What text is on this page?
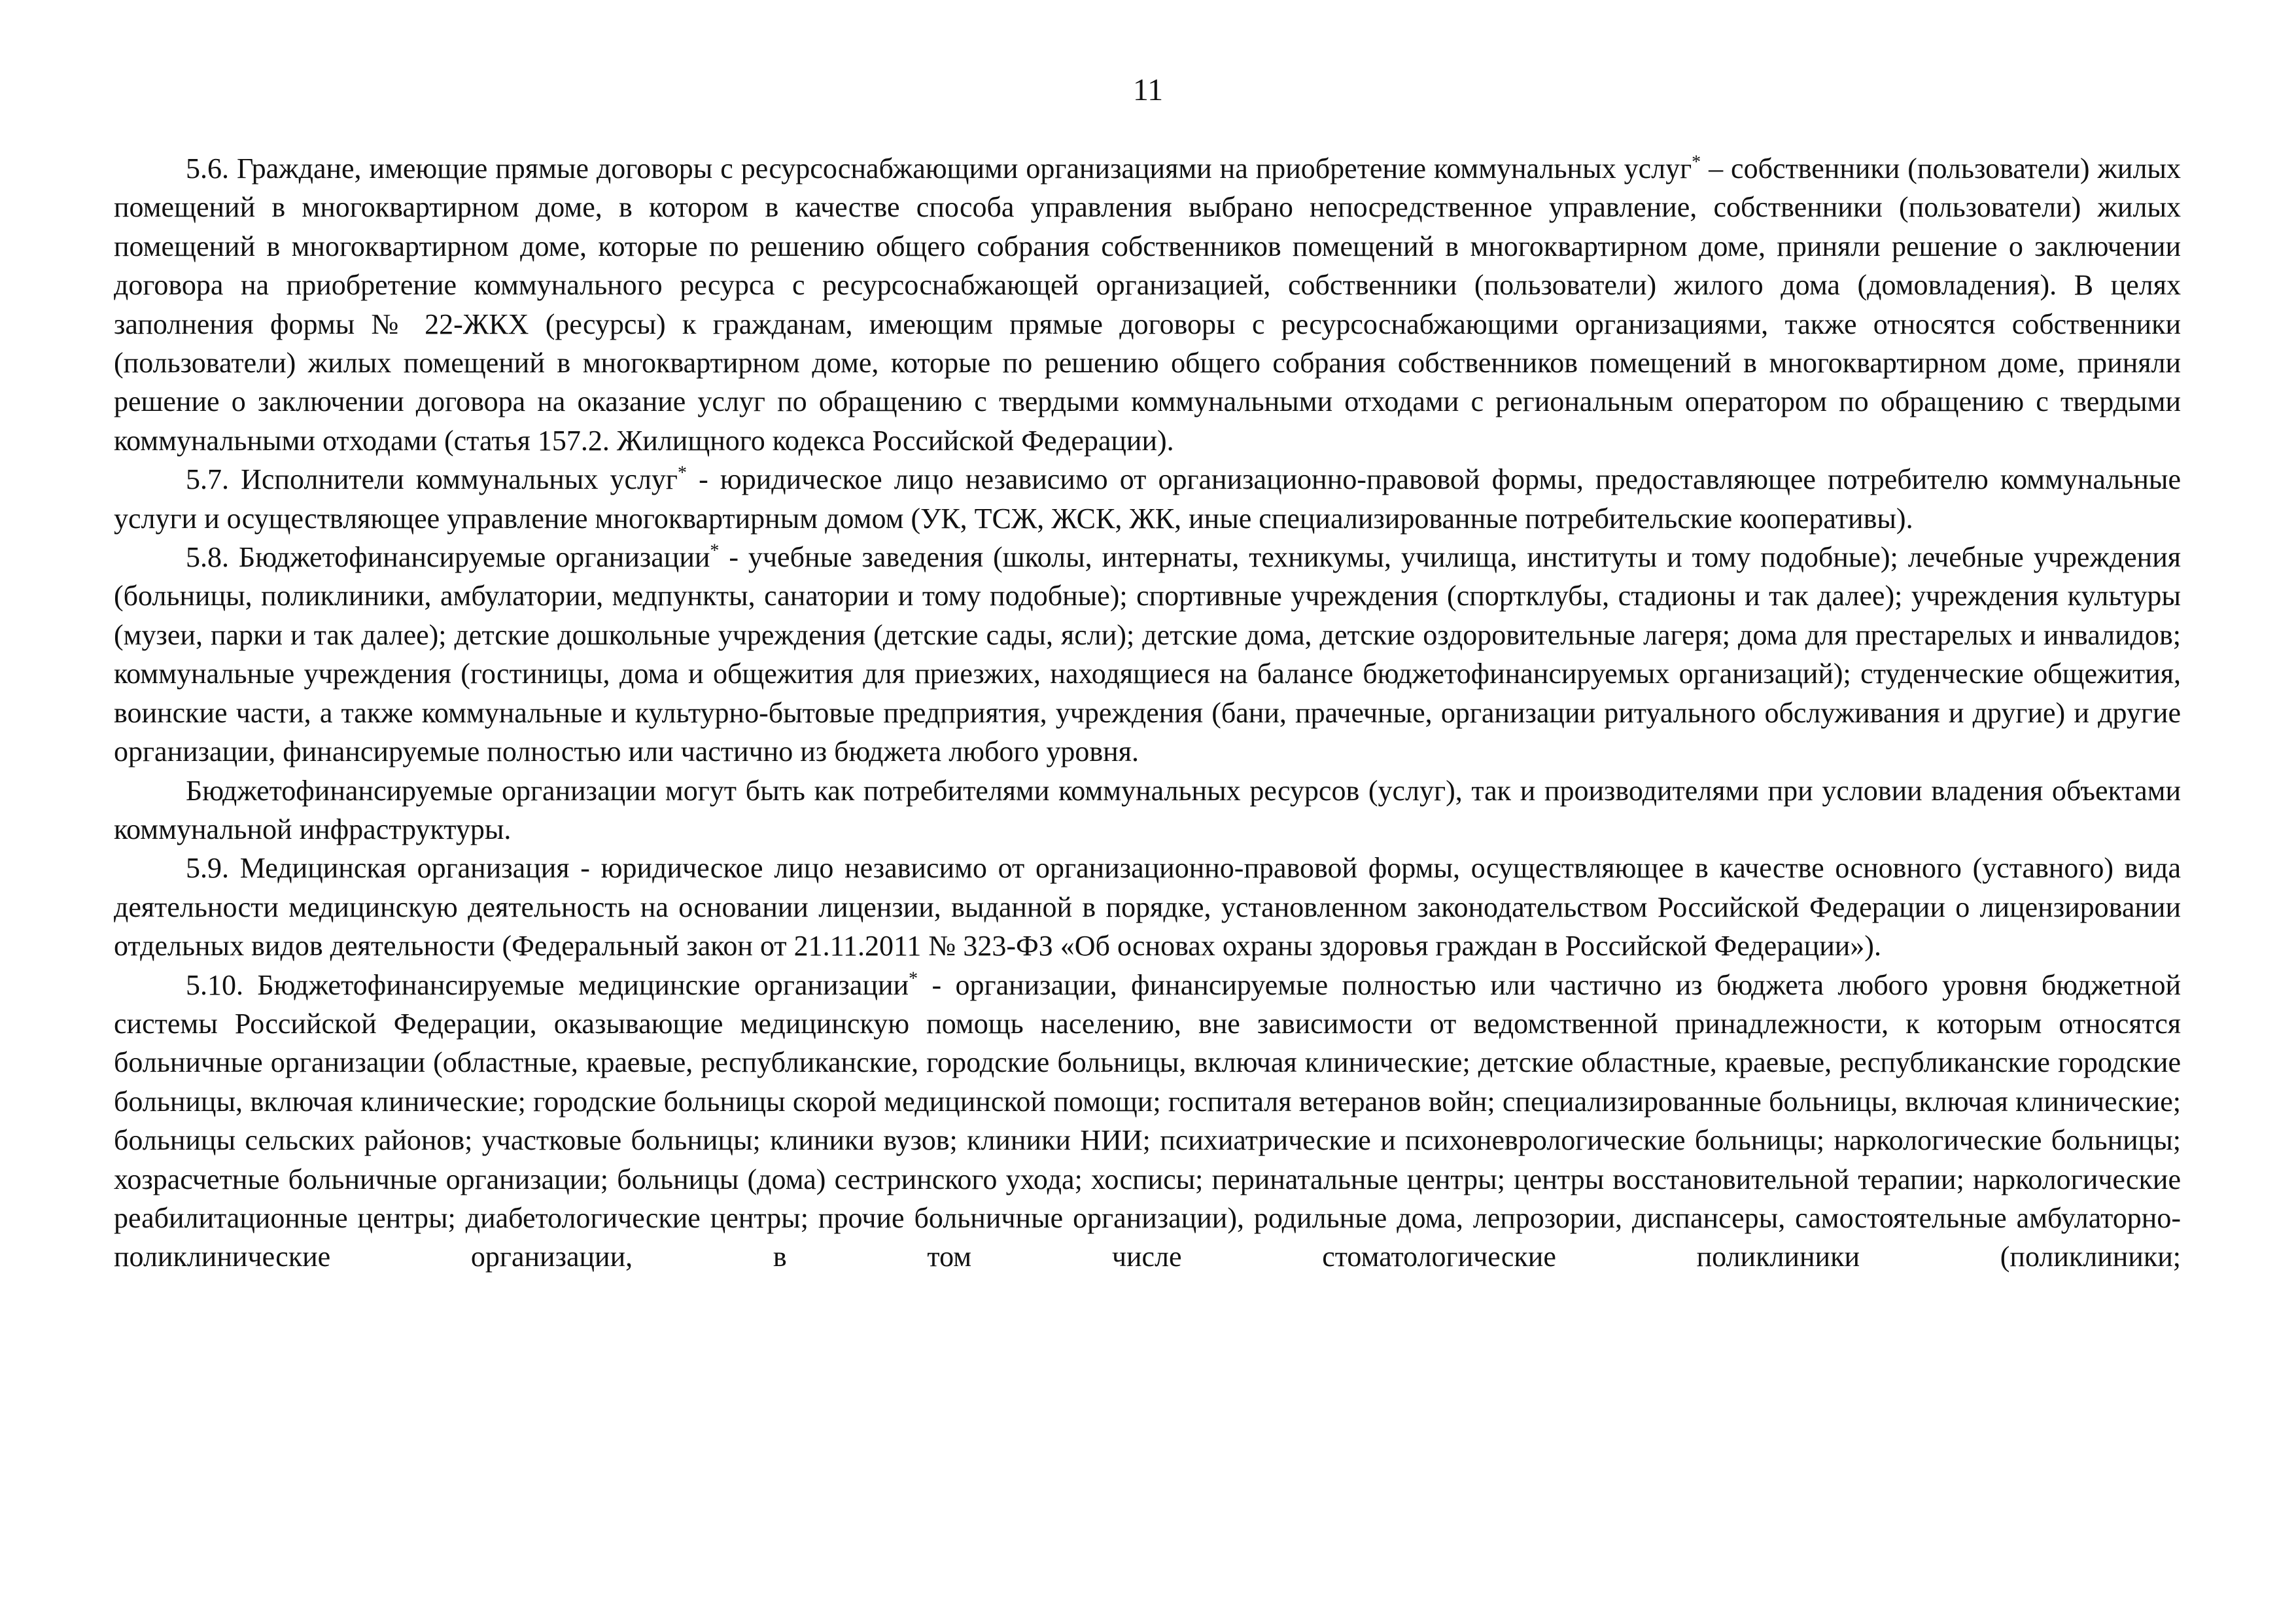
11

5.6. Граждане, имеющие прямые договоры с ресурсоснабжающими организациями на приобретение коммунальных услуг* – собственники (пользователи) жилых помещений в многоквартирном доме, в котором в качестве способа управления выбрано непосредственное управление, собственники (пользователи) жилых помещений в многоквартирном доме, которые по решению общего собрания собственников помещений в многоквартирном доме, приняли решение о заключении договора на приобретение коммунального ресурса с ресурсоснабжающей организацией, собственники (пользователи) жилого дома (домовладения). В целях заполнения формы № 22-ЖКХ (ресурсы) к гражданам, имеющим прямые договоры с ресурсоснабжающими организациями, также относятся собственники (пользователи) жилых помещений в многоквартирном доме, которые по решению общего собрания собственников помещений в многоквартирном доме, приняли решение о заключении договора на оказание услуг по обращению с твердыми коммунальными отходами с региональным оператором по обращению с твердыми коммунальными отходами (статья 157.2. Жилищного кодекса Российской Федерации).

5.7. Исполнители коммунальных услуг* - юридическое лицо независимо от организационно-правовой формы, предоставляющее потребителю коммунальные услуги и осуществляющее управление многоквартирным домом (УК, ТСЖ, ЖСК, ЖК, иные специализированные потребительские кооперативы).

5.8. Бюджетофинансируемые организации* - учебные заведения (школы, интернаты, техникумы, училища, институты и тому подобные); лечебные учреждения (больницы, поликлиники, амбулатории, медпункты, санатории и тому подобные); спортивные учреждения (спортклубы, стадионы и так далее); учреждения культуры (музеи, парки и так далее); детские дошкольные учреждения (детские сады, ясли); детские дома, детские оздоровительные лагеря; дома для престарелых и инвалидов; коммунальные учреждения (гостиницы, дома и общежития для приезжих, находящиеся на балансе бюджетофинансируемых организаций); студенческие общежития, воинские части, а также коммунальные и культурно-бытовые предприятия, учреждения (бани, прачечные, организации ритуального обслуживания и другие) и другие организации, финансируемые полностью или частично из бюджета любого уровня.

Бюджетофинансируемые организации могут быть как потребителями коммунальных ресурсов (услуг), так и производителями при условии владения объектами коммунальной инфраструктуры.

5.9. Медицинская организация - юридическое лицо независимо от организационно-правовой формы, осуществляющее в качестве основного (уставного) вида деятельности медицинскую деятельность на основании лицензии, выданной в порядке, установленном законодательством Российской Федерации о лицензировании отдельных видов деятельности (Федеральный закон от 21.11.2011 № 323-ФЗ «Об основах охраны здоровья граждан в Российской Федерации»).

5.10. Бюджетофинансируемые медицинские организации* - организации, финансируемые полностью или частично из бюджета любого уровня бюджетной системы Российской Федерации, оказывающие медицинскую помощь населению, вне зависимости от ведомственной принадлежности, к которым относятся больничные организации (областные, краевые, республиканские, городские больницы, включая клинические; детские областные, краевые, республиканские городские больницы, включая клинические; городские больницы скорой медицинской помощи; госпиталя ветеранов войн; специализированные больницы, включая клинические; больницы сельских районов; участковые больницы; клиники вузов; клиники НИИ; психиатрические и психоневрологические больницы; наркологические больницы; хозрасчетные больничные организации; больницы (дома) сестринского ухода; хосписы; перинатальные центры; центры восстановительной терапии; наркологические реабилитационные центры; диабетологические центры; прочие больничные организации), родильные дома, лепрозории, диспансеры, самостоятельные амбулаторно-поликлинические организации, в том числе стоматологические поликлиники (поликлиники;
